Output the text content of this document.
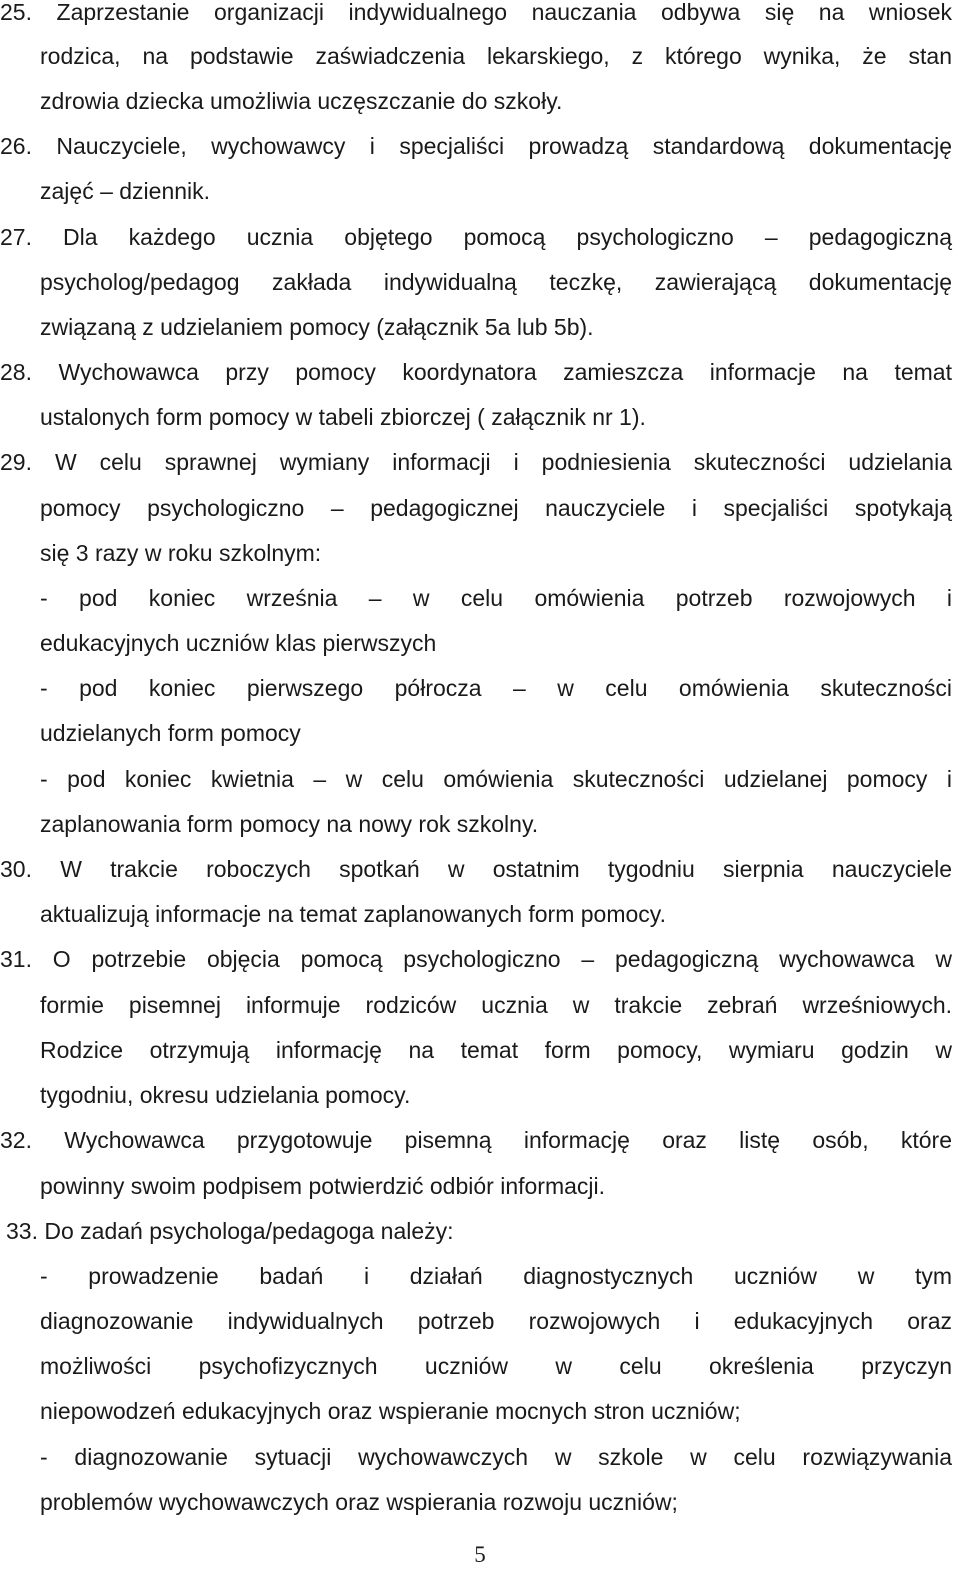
25. Zaprzestanie organizacji indywidualnego nauczania odbywa się na wniosek
rodzica, na podstawie zaświadczenia lekarskiego, z którego wynika, że stan
zdrowia dziecka umożliwia uczęszczanie do szkoły.
26. Nauczyciele, wychowawcy i specjaliści prowadzą standardową dokumentację
zajęć – dziennik.
27. Dla każdego ucznia objętego pomocą psychologiczno – pedagogiczną
psycholog/pedagog zakłada indywidualną teczkę, zawierającą dokumentację
związaną z udzielaniem pomocy (załącznik 5a lub 5b).
28. Wychowawca przy pomocy koordynatora zamieszcza informacje na temat
ustalonych form pomocy w tabeli zbiorczej ( załącznik nr 1).
29. W celu sprawnej wymiany informacji i podniesienia skuteczności udzielania
pomocy psychologiczno – pedagogicznej nauczyciele i specjaliści spotykają
się 3 razy w roku szkolnym:
- pod koniec września – w celu omówienia potrzeb rozwojowych i
edukacyjnych uczniów klas pierwszych
- pod koniec pierwszego półrocza – w celu omówienia skuteczności
udzielanych form pomocy
- pod koniec kwietnia – w celu omówienia skuteczności udzielanej pomocy i
zaplanowania form pomocy na nowy rok szkolny.
30. W trakcie roboczych spotkań w ostatnim tygodniu sierpnia nauczyciele
aktualizują informacje na temat zaplanowanych form pomocy.
31. O potrzebie objęcia pomocą psychologiczno – pedagogiczną wychowawca w
formie pisemnej informuje rodziców ucznia w trakcie zebrań wrześniowych.
Rodzice otrzymują informację na temat form pomocy, wymiaru godzin w
tygodniu, okresu udzielania pomocy.
32. Wychowawca przygotowuje pisemną informację oraz listę osób, które
powinny swoim podpisem potwierdzić odbiór informacji.
33. Do zadań psychologa/pedagoga należy:
- prowadzenie badań i działań diagnostycznych uczniów w tym
diagnozowanie indywidualnych potrzeb rozwojowych i edukacyjnych oraz
możliwości psychofizycznych uczniów w celu określenia przyczyn
niepowodzeń edukacyjnych oraz wspieranie mocnych stron uczniów;
- diagnozowanie sytuacji wychowawczych w szkole w celu rozwiązywania
problemów wychowawczych oraz wspierania rozwoju uczniów;
5
